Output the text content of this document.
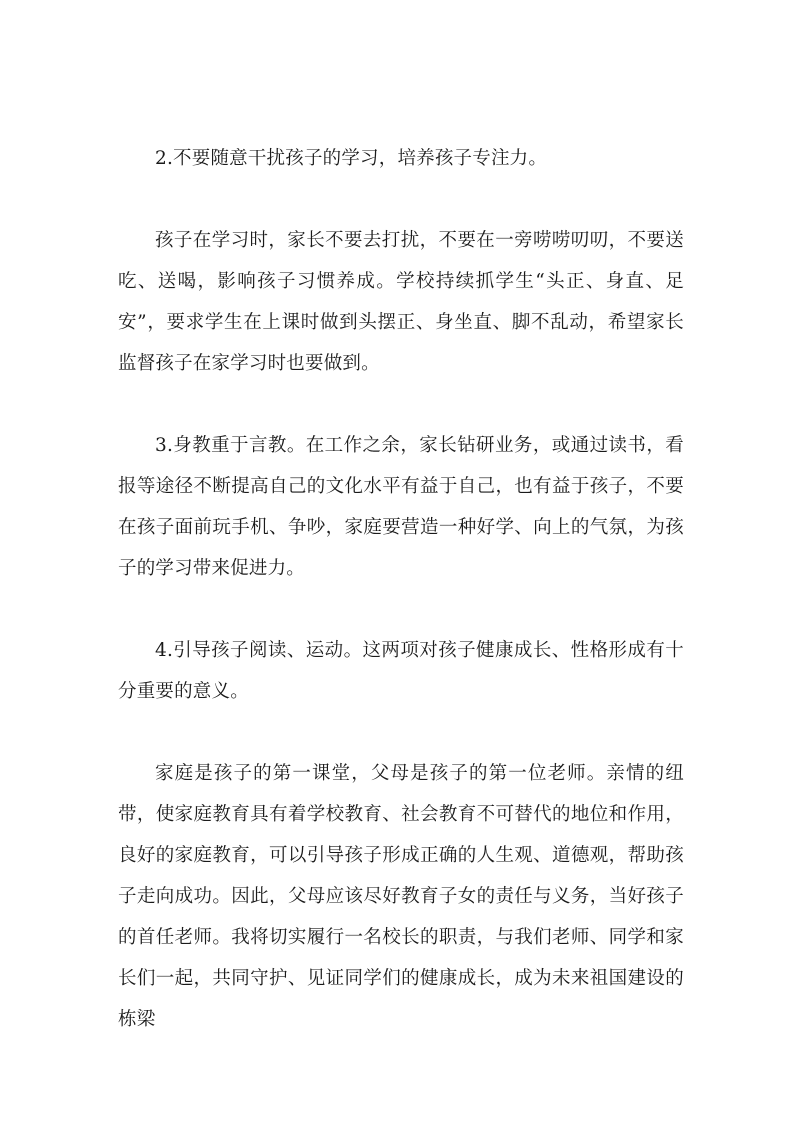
2.不要随意干扰孩子的学习，培养孩子专注力。

孩子在学习时，家长不要去打扰，不要在一旁唠唠叨叨，不要送吃、送喝，影响孩子习惯养成。学校持续抓学生“头正、身直、足安”，要求学生在上课时做到头摆正、身坐直、脚不乱动，希望家长监督孩子在家学习时也要做到。

3.身教重于言教。在工作之余，家长钻研业务，或通过读书，看报等途径不断提高自己的文化水平有益于自己，也有益于孩子，不要在孩子面前玩手机、争吵，家庭要营造一种好学、向上的气氛，为孩子的学习带来促进力。

4.引导孩子阅读、运动。这两项对孩子健康成长、性格形成有十分重要的意义。

家庭是孩子的第一课堂，父母是孩子的第一位老师。亲情的纽带，使家庭教育具有着学校教育、社会教育不可替代的地位和作用，良好的家庭教育，可以引导孩子形成正确的人生观、道德观，帮助孩子走向成功。因此，父母应该尽好教育子女的责任与义务，当好孩子的首任老师。我将切实履行一名校长的职责，与我们老师、同学和家长们一起，共同守护、见证同学们的健康成长，成为未来祖国建设的栋梁
